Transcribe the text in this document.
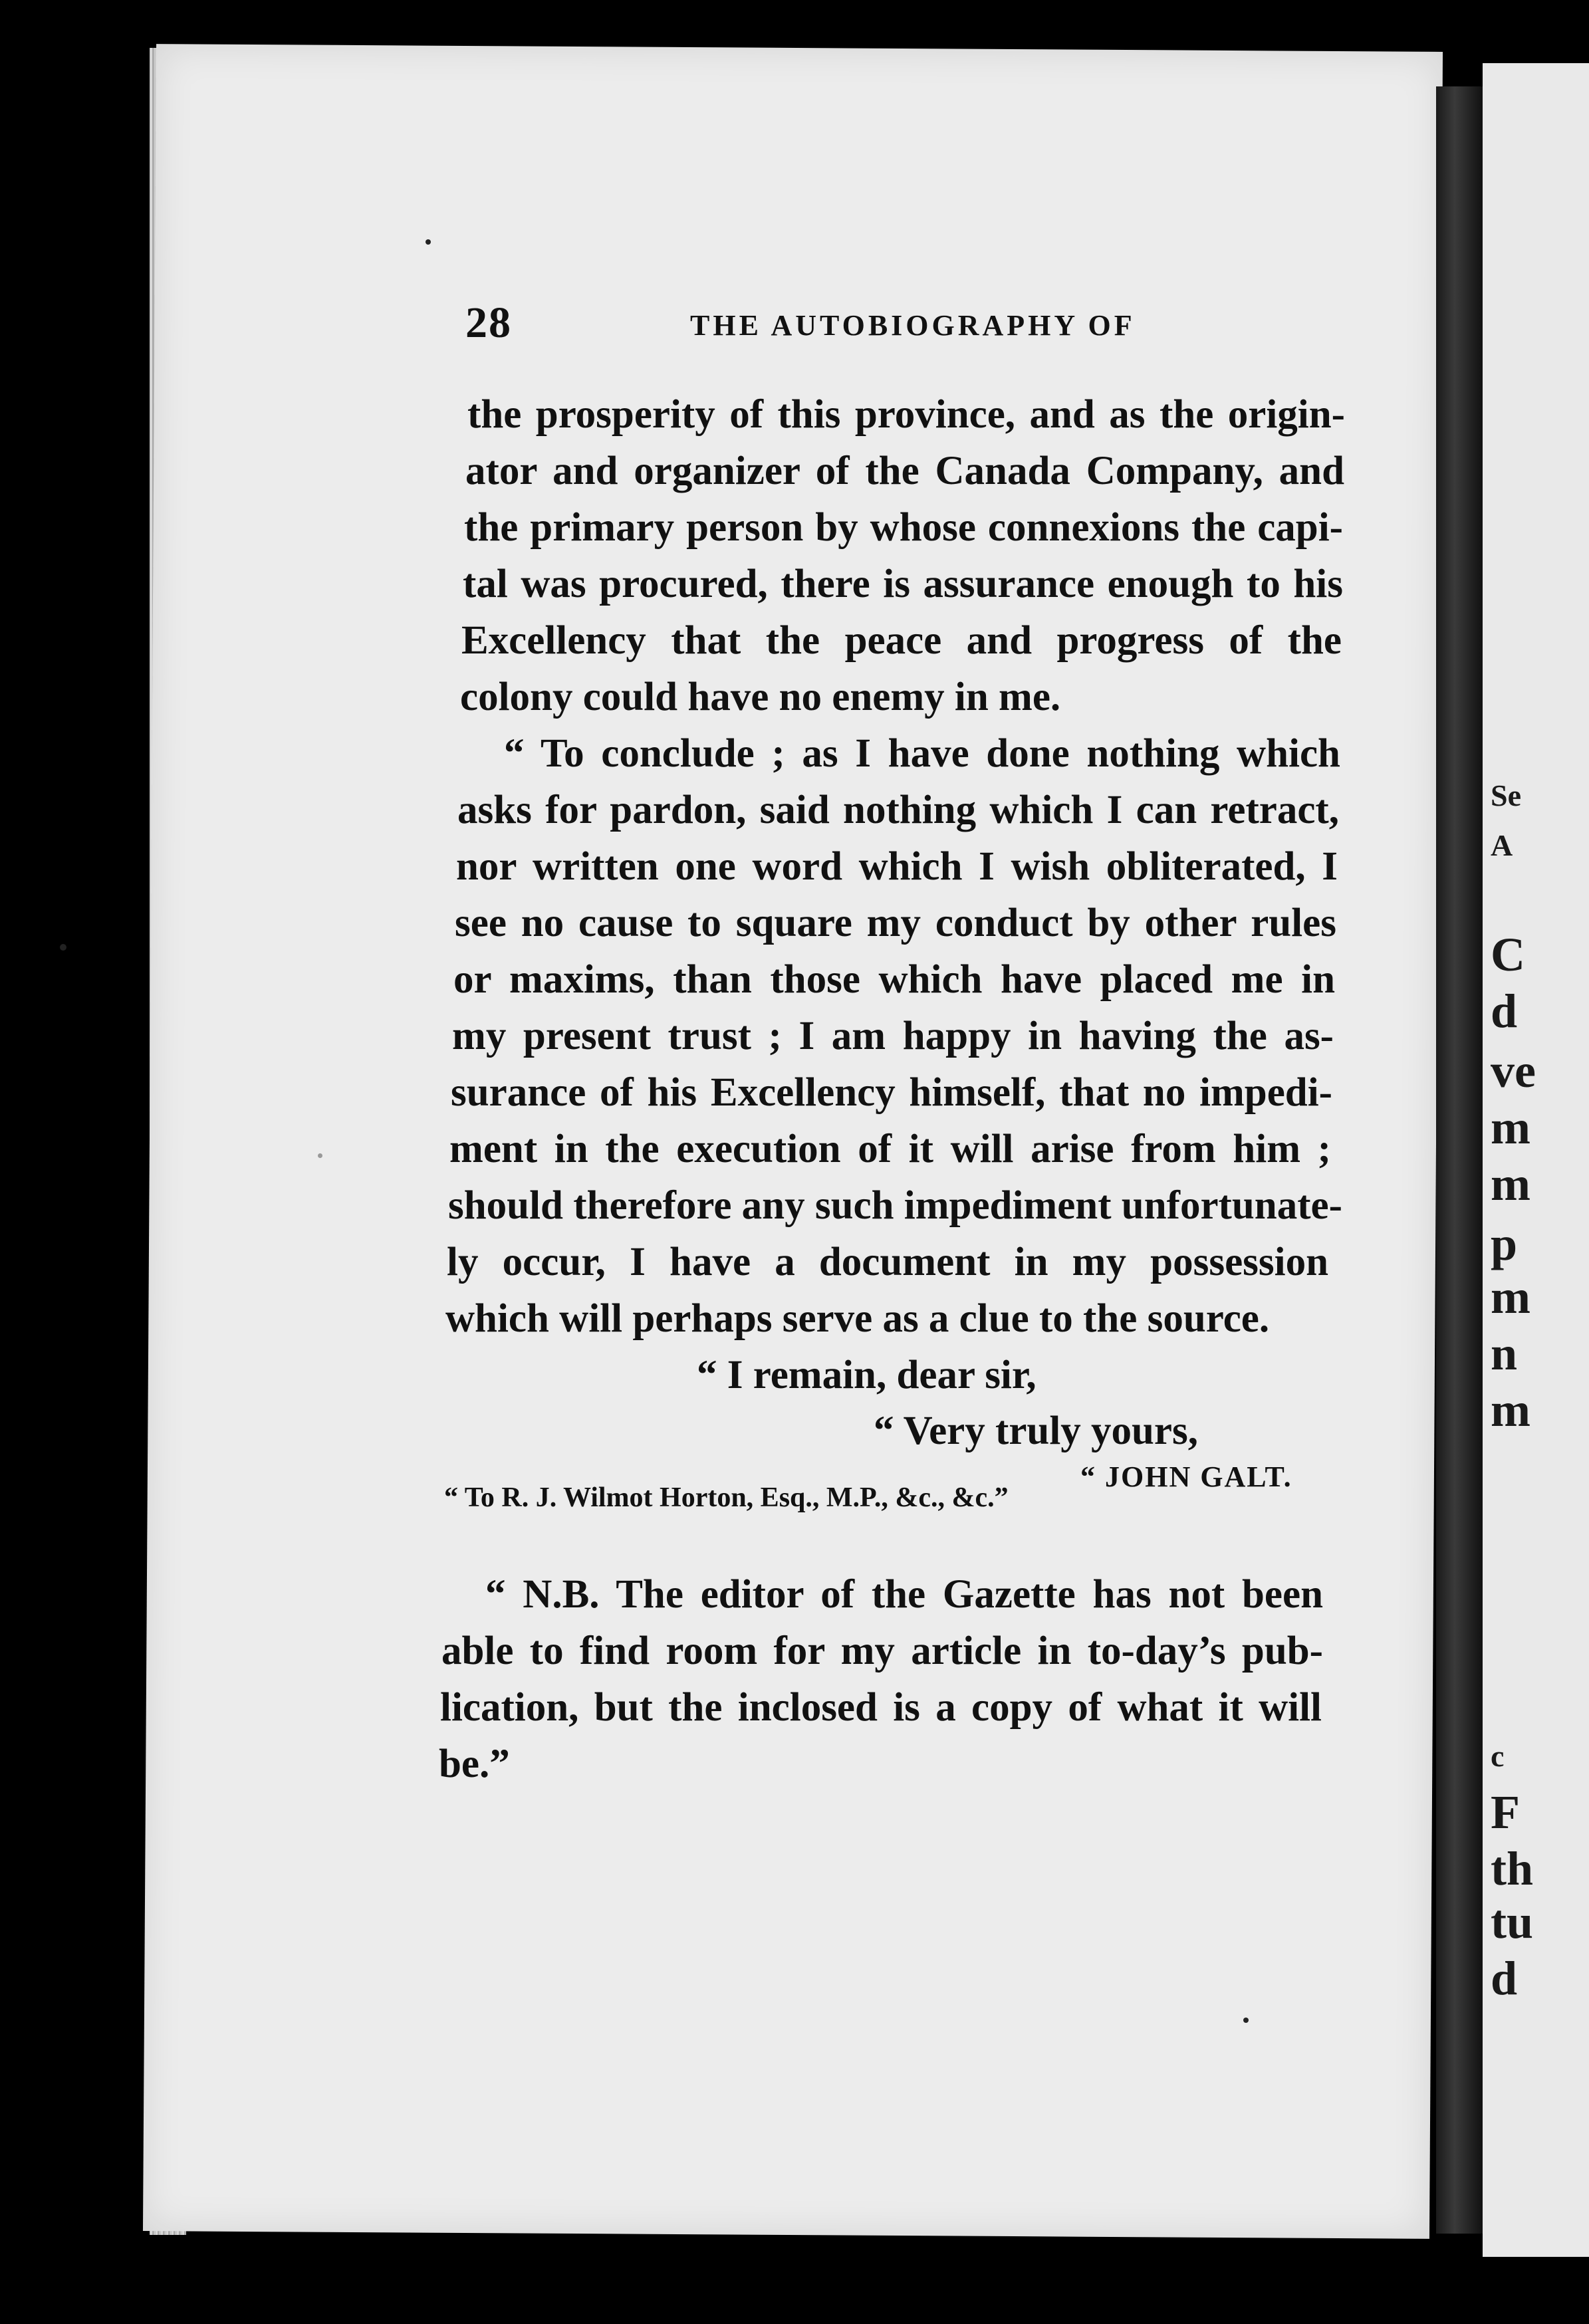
Se
A
C
d
ve
m
m
p
m
n
m
c
F
th
tu
d
28	THE AUTOBIOGRAPHY OF
the prosperity of this province, and as the origin-
ator and organizer of the Canada Company, and
the primary person by whose connexions the capi-
tal was procured, there is assurance enough to his
Excellency that the peace and progress of the
colony could have no enemy in me.
“ To conclude ; as I have done nothing which
asks for pardon, said nothing which I can retract,
nor written one word which I wish obliterated, I
see no cause to square my conduct by other rules
or maxims, than those which have placed me in
my present trust ; I am happy in having the as-
surance of his Excellency himself, that no impedi-
ment in the execution of it will arise from him ;
should therefore any such impediment unfortunate-
ly occur, I have a document in my possession
which will perhaps serve as a clue to the source.
“ I remain, dear sir,
“ Very truly yours,
“ JOHN GALT.
“ To R. J. Wilmot Horton, Esq., M.P., &c., &c.”
“ N.B. The editor of the Gazette has not been
able to find room for my article in to-day’s pub-
lication, but the inclosed is a copy of what it will
be.”
